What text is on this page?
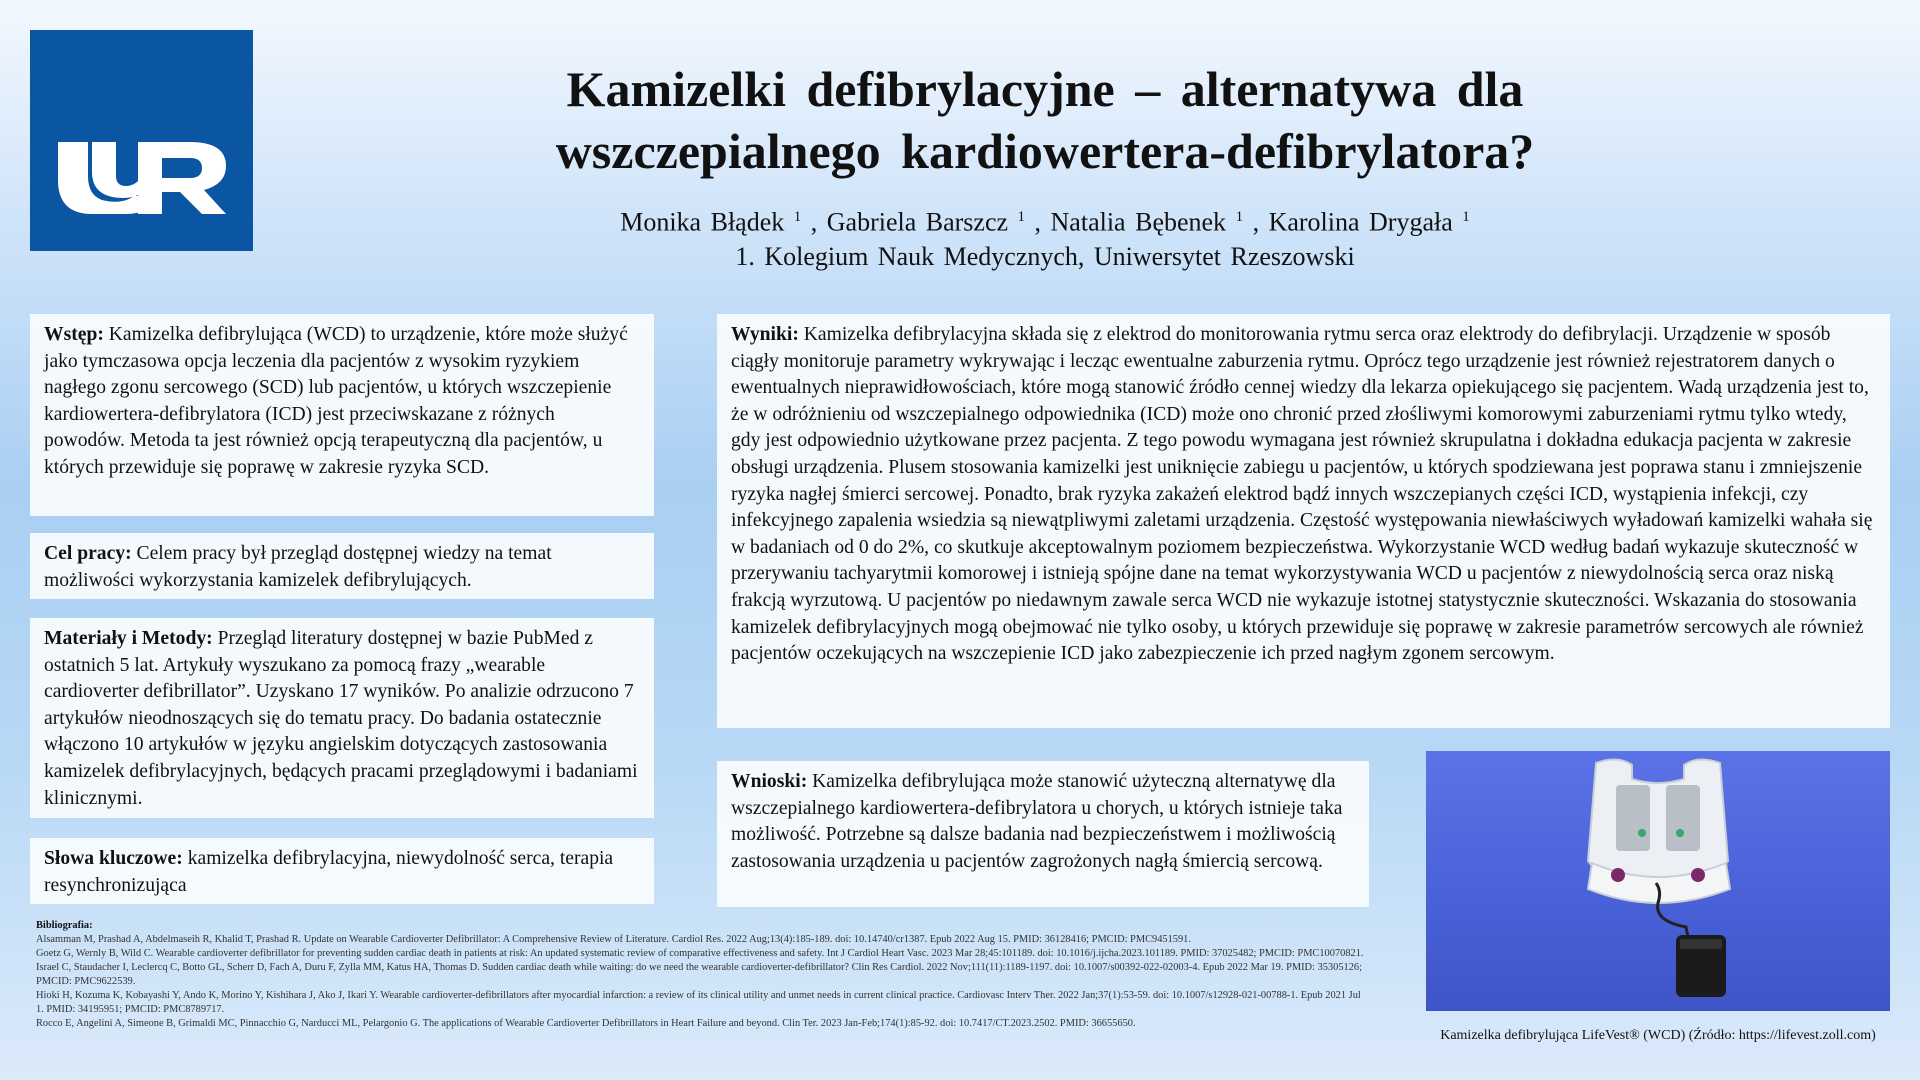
Kamizelki defibrylacyjne – alternatywa dla
wszczepialnego kardiowertera-defibrylatora?
Monika Błądek $^1$ , Gabriela Barszcz $^1$ , Natalia Bębenek $^1$ , Karolina Drygała $^1$
1. Kolegium Nauk Medycznych, Uniwersytet Rzeszowski
Wstęp: Kamizelka defibrylująca (WCD) to urządzenie, które może służyć jako tymczasowa opcja leczenia dla pacjentów z wysokim ryzykiem nagłego zgonu sercowego (SCD) lub pacjentów, u których wszczepienie kardiowertera-defibrylatora (ICD) jest przeciwskazane z różnych powodów. Metoda ta jest również opcją terapeutyczną dla pacjentów, u których przewiduje się poprawę w zakresie ryzyka SCD.
Cel pracy: Celem pracy był przegląd dostępnej wiedzy na temat możliwości wykorzystania kamizelek defibrylujących.
Materiały i Metody: Przegląd literatury dostępnej w bazie PubMed z ostatnich 5 lat. Artykuły wyszukano za pomocą frazy „wearable cardioverter defibrillator”. Uzyskano 17 wyników. Po analizie odrzucono 7 artykułów nieodnoszących się do tematu pracy. Do badania ostatecznie włączono 10 artykułów w języku angielskim dotyczących zastosowania kamizelek defibrylacyjnych, będących pracami przeglądowymi i badaniami klinicznymi.
Słowa kluczowe: kamizelka defibrylacyjna, niewydolność serca, terapia resynchronizująca
Wyniki: Kamizelka defibrylacyjna składa się z elektrod do monitorowania rytmu serca oraz elektrody do defibrylacji. Urządzenie w sposób ciągły monitoruje parametry wykrywając i lecząc ewentualne zaburzenia rytmu. Oprócz tego urządzenie jest również rejestratorem danych o ewentualnych nieprawidłowościach, które mogą stanowić źródło cennej wiedzy dla lekarza opiekującego się pacjentem. Wadą urządzenia jest to, że w odróżnieniu od wszczepialnego odpowiednika (ICD) może ono chronić przed złośliwymi komorowymi zaburzeniami rytmu tylko wtedy, gdy jest odpowiednio użytkowane przez pacjenta. Z tego powodu wymagana jest również skrupulatna i dokładna edukacja pacjenta w zakresie obsługi urządzenia. Plusem stosowania kamizelki jest uniknięcie zabiegu u pacjentów, u których spodziewana jest poprawa stanu i zmniejszenie ryzyka nagłej śmierci sercowej. Ponadto, brak ryzyka zakażeń elektrod bądź innych wszczepianych części ICD, wystąpienia infekcji, czy infekcyjnego zapalenia wsiedzia są niewątpliwymi zaletami urządzenia. Częstość występowania niewłaściwych wyładowań kamizelki wahała się w badaniach od 0 do 2%, co skutkuje akceptowalnym poziomem bezpieczeństwa. Wykorzystanie WCD według badań wykazuje skuteczność w przerywaniu tachyarytmii komorowej i istnieją spójne dane na temat wykorzystywania WCD u pacjentów z niewydolnością serca oraz niską frakcją wyrzutową. U pacjentów po niedawnym zawale serca WCD nie wykazuje istotnej statystycznie skuteczności. Wskazania do stosowania kamizelek defibrylacyjnych mogą obejmować nie tylko osoby, u których przewiduje się poprawę w zakresie parametrów sercowych ale również pacjentów oczekujących na wszczepienie ICD jako zabezpieczenie ich przed nagłym zgonem sercowym.
Wnioski: Kamizelka defibrylująca może stanowić użyteczną alternatywę dla wszczepialnego kardiowertera-defibrylatora u chorych, u których istnieje taka możliwość. Potrzebne są dalsze badania nad bezpieczeństwem i możliwością zastosowania urządzenia u pacjentów zagrożonych nagłą śmiercią sercową.
Kamizelka defibrylująca LifeVest® (WCD) (Źródło: https://lifevest.zoll.com)
Bibliografia:

Alsamman M, Prashad A, Abdelmaseih R, Khalid T, Prashad R. Update on Wearable Cardioverter Defibrillator: A Comprehensive Review of Literature. Cardiol Res. 2022 Aug;13(4):185-189. doi: 10.14740/cr1387. Epub 2022 Aug 15. PMID: 36128416; PMCID: PMC9451591.

Goetz G, Wernly B, Wild C. Wearable cardioverter defibrillator for preventing sudden cardiac death in patients at risk: An updated systematic review of comparative effectiveness and safety. Int J Cardiol Heart Vasc. 2023 Mar 28;45:101189. doi: 10.1016/j.ijcha.2023.101189. PMID: 37025482; PMCID: PMC10070821.

Israel C, Staudacher I, Leclercq C, Botto GL, Scherr D, Fach A, Duru F, Zylla MM, Katus HA, Thomas D. Sudden cardiac death while waiting: do we need the wearable cardioverter-defibrillator? Clin Res Cardiol. 2022 Nov;111(11):1189-1197. doi: 10.1007/s00392-022-02003-4. Epub 2022 Mar 19. PMID: 35305126; PMCID: PMC9622539.

Hioki H, Kozuma K, Kobayashi Y, Ando K, Morino Y, Kishihara J, Ako J, Ikari Y. Wearable cardioverter-defibrillators after myocardial infarction: a review of its clinical utility and unmet needs in current clinical practice. Cardiovasc Interv Ther. 2022 Jan;37(1):53-59. doi: 10.1007/s12928-021-00788-1. Epub 2021 Jul 1. PMID: 34195951; PMCID: PMC8789717.

Rocco E, Angelini A, Simeone B, Grimaldi MC, Pinnacchio G, Narducci ML, Pelargonio G. The applications of Wearable Cardioverter Defibrillators in Heart Failure and beyond. Clin Ter. 2023 Jan-Feb;174(1):85-92. doi: 10.7417/CT.2023.2502. PMID: 36655650.
